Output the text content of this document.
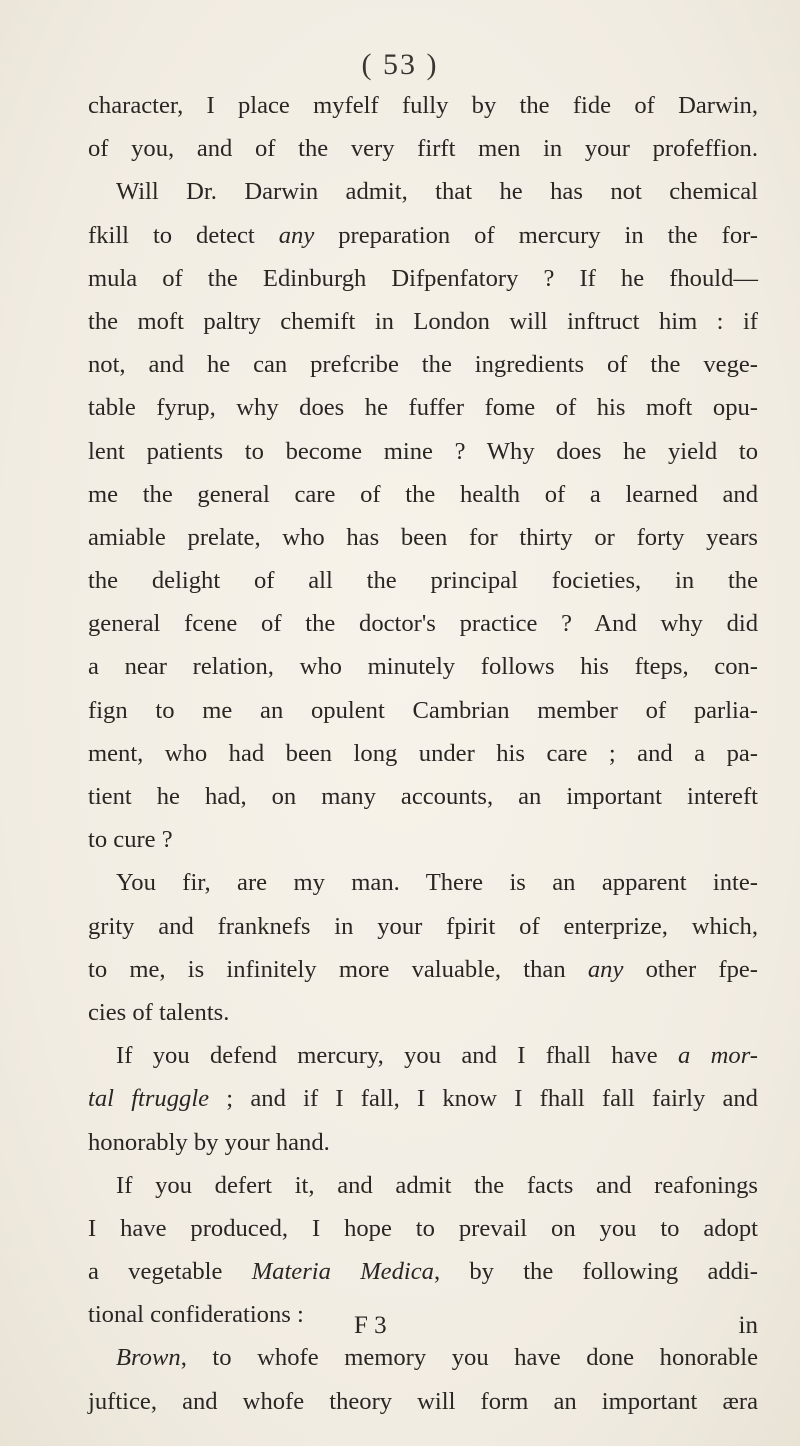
( 53 )
character, I place myfelf fully by the fide of Darwin,
of you, and of the very firft men in your profeffion.
Will Dr. Darwin admit, that he has not chemical
fkill to detect any preparation of mercury in the for-
mula of the Edinburgh Difpenfatory ? If he fhould—
the moft paltry chemift in London will inftruct him : if
not, and he can prefcribe the ingredients of the vege-
table fyrup, why does he fuffer fome of his moft opu-
lent patients to become mine ? Why does he yield to
me the general care of the health of a learned and
amiable prelate, who has been for thirty or forty years
the delight of all the principal focieties, in the
general fcene of the doctor's practice ? And why did
a near relation, who minutely follows his fteps, con-
fign to me an opulent Cambrian member of parlia-
ment, who had been long under his care ; and a pa-
tient he had, on many accounts, an important intereft
to cure ?
You fir, are my man. There is an apparent inte-
grity and franknefs in your fpirit of enterprize, which,
to me, is infinitely more valuable, than any other fpe-
cies of talents.
If you defend mercury, you and I fhall have a mor-
tal ftruggle ; and if I fall, I know I fhall fall fairly and
honorably by your hand.
If you defert it, and admit the facts and reafonings
I have produced, I hope to prevail on you to adopt
a vegetable Materia Medica, by the following addi-
tional confiderations :
Brown, to whofe memory you have done honorable
juftice, and whofe theory will form an important æra
F 3	in
